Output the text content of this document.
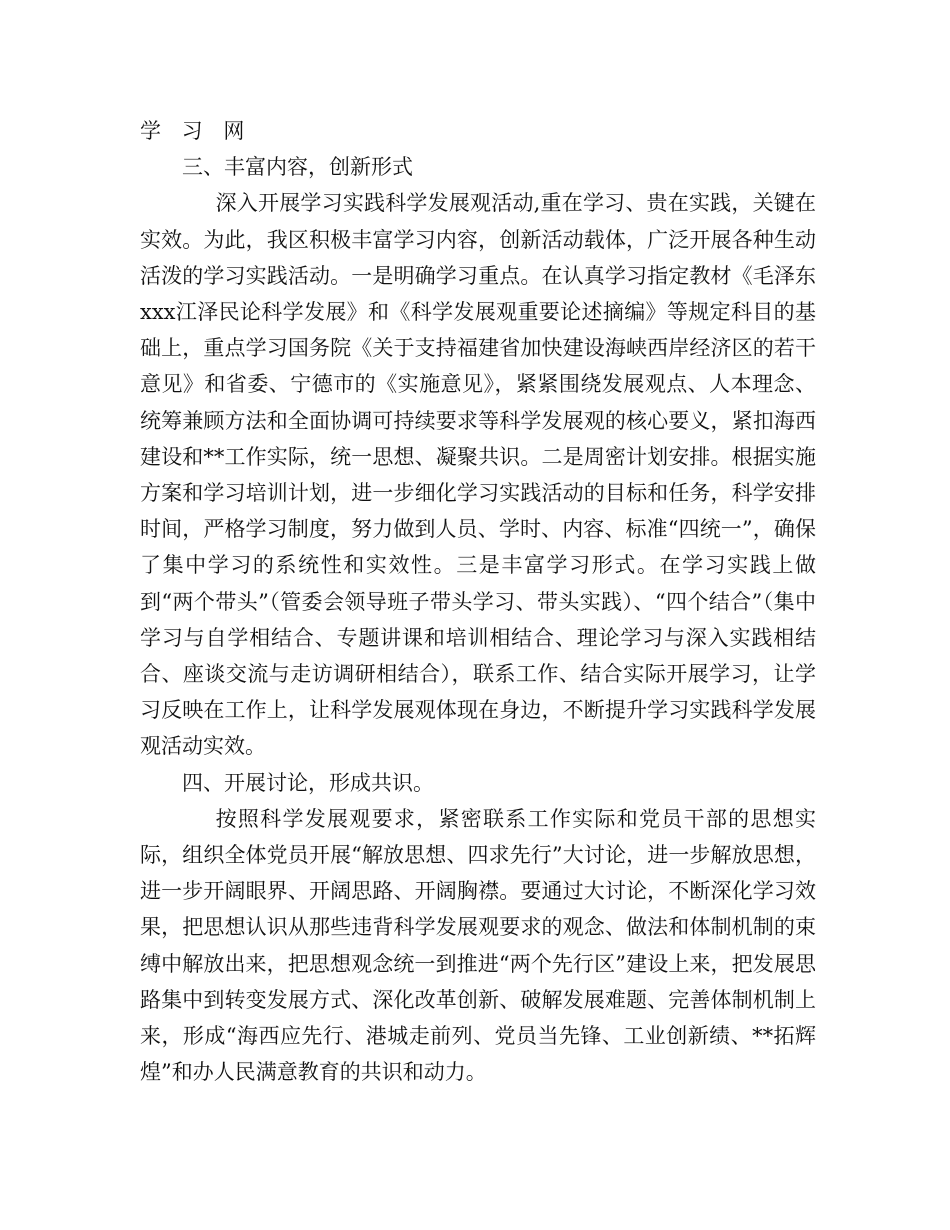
学 习 网

三、丰富内容，创新形式

深入开展学习实践科学发展观活动,重在学习、贵在实践，关键在实效。为此，我区积极丰富学习内容，创新活动载体，广泛开展各种生动活泼的学习实践活动。一是明确学习重点。在认真学习指定教材《毛泽东xxx江泽民论科学发展》和《科学发展观重要论述摘编》等规定科目的基础上，重点学习国务院《关于支持福建省加快建设海峡西岸经济区的若干意见》和省委、宁德市的《实施意见》，紧紧围绕发展观点、人本理念、统筹兼顾方法和全面协调可持续要求等科学发展观的核心要义，紧扣海西建设和**工作实际，统一思想、凝聚共识。二是周密计划安排。根据实施方案和学习培训计划，进一步细化学习实践活动的目标和任务，科学安排时间，严格学习制度，努力做到人员、学时、内容、标准“四统一”，确保了集中学习的系统性和实效性。三是丰富学习形式。在学习实践上做到“两个带头”（管委会领导班子带头学习、带头实践）、“四个结合”（集中学习与自学相结合、专题讲课和培训相结合、理论学习与深入实践相结合、座谈交流与走访调研相结合），联系工作、结合实际开展学习，让学习反映在工作上，让科学发展观体现在身边，不断提升学习实践科学发展观活动实效。

四、开展讨论，形成共识。

按照科学发展观要求，紧密联系工作实际和党员干部的思想实际，组织全体党员开展“解放思想、四求先行”大讨论，进一步解放思想，进一步开阔眼界、开阔思路、开阔胸襟。要通过大讨论，不断深化学习效果，把思想认识从那些违背科学发展观要求的观念、做法和体制机制的束缚中解放出来，把思想观念统一到推进“两个先行区”建设上来，把发展思路集中到转变发展方式、深化改革创新、破解发展难题、完善体制机制上来，形成“海西应先行、港城走前列、党员当先锋、工业创新绩、**拓辉煌”和办人民满意教育的共识和动力。
